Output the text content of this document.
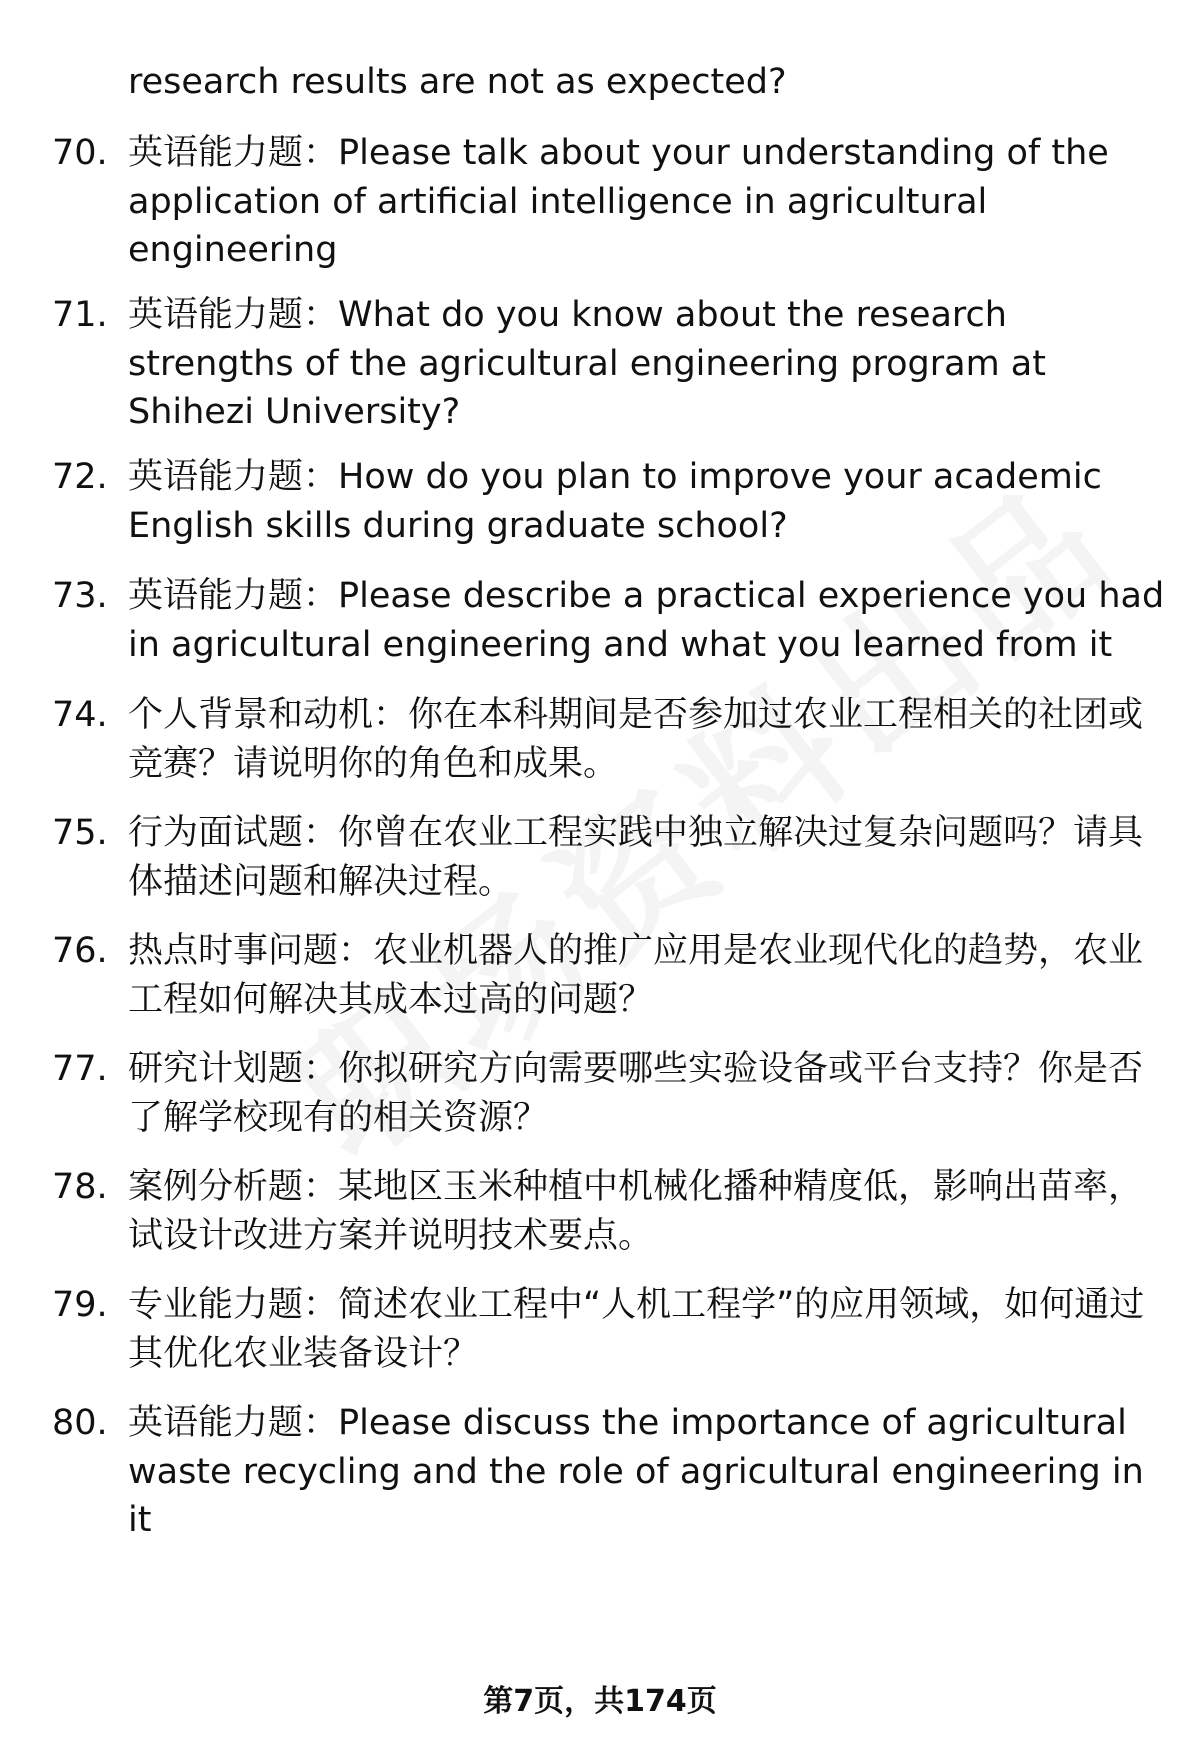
research results are not as expected?
70. 英语能力题：Please talk about your understanding of the application of artificial intelligence in agricultural engineering
71. 英语能力题：What do you know about the research strengths of the agricultural engineering program at Shihezi University?
72. 英语能力题：How do you plan to improve your academic English skills during graduate school?
73. 英语能力题：Please describe a practical experience you had in agricultural engineering and what you learned from it
74. 个人背景和动机：你在本科期间是否参加过农业工程相关的社团或竞赛？请说明你的角色和成果。
75. 行为面试题：你曾在农业工程实践中独立解决过复杂问题吗？请具体描述问题和解决过程。
76. 热点时事问题：农业机器人的推广应用是农业现代化的趋势，农业工程如何解决其成本过高的问题？
77. 研究计划题：你拟研究方向需要哪些实验设备或平台支持？你是否了解学校现有的相关资源？
78. 案例分析题：某地区玉米种植中机械化播种精度低，影响出苗率，试设计改进方案并说明技术要点。
79. 专业能力题：简述农业工程中“人机工程学”的应用领域，如何通过其优化农业装备设计？
80. 英语能力题：Please discuss the importance of agricultural waste recycling and the role of agricultural engineering in it
第7页，共174页
